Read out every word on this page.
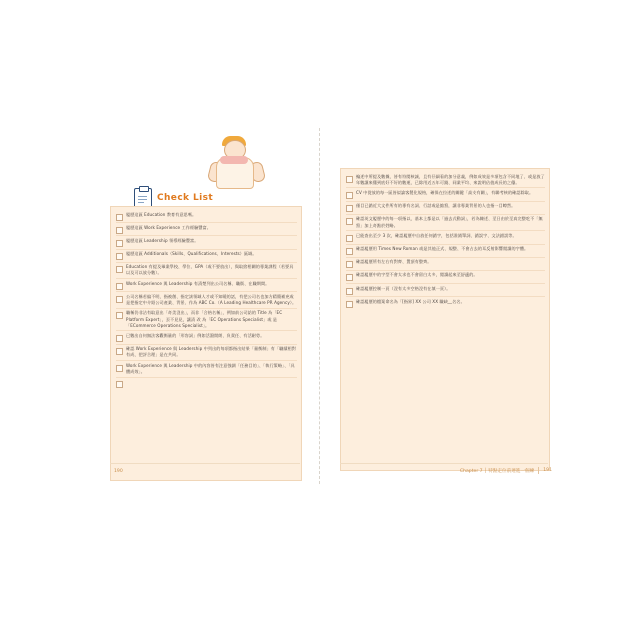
Check List
履歷這區 Education 教育有意思嗎。
履歷這區 Work Experience 工作經驗豐富。
履歷這區 Leadership 領導經驗豐富。
履歷這區 Additionals（Skills、Qualifications、Interests）區域。
Education 有提及畢業學校、學位、GPA（或不要放出），與取捨相關的專業課程（若要具以及可以放分數）。
Work Experience 與 Leadership 有清楚列出公司名稱、職銜、在職期間。
公司名稱若偏不明，指被創、指定該領域人才或不知曉的話，有把公司名也加方精簡補充或是把指定中介紹公司產業、背景、作為 ABC Co.（A Leading Healthcare PR Agency）。
職稱仍非沾有取意出「奇美沒出」，而非「合格名稱」，例如前公司給的 Title 為「EC Platform Expert」，丟不見見，讓清 改 為「EC Operations Specialist」或 是「ECommerce Operations Specialist」。
已數出自何無法客觀衡量的「形容詞」例如活潑開朗、負責任、有活耐勞。
確認 Work Experience 與 Leadership 中列出的每項都指出結果「量衡制」有「職績相對有成、把評合理」是在共同。
Work Experience 與 Leadership 中的內容皆有注意強調「任務目的」、「執行策略」、「具體成效」。
190
編述中所提及數據，皆有符閱核誠，且有仔細看的加分意義，例如成效是多項包含不同地了、或是放了年數讓來懂到底好不好的數運，已除用近五年可踐、同業平均、來說明佔值成長的之優。
CV 中從放的每一區皆似論客製化規格，確保在拉述的關鍵「高支有關」，有聯考核的確認除取。
僅目已錯近大文件所有的專有名詞、行話或是縮寫，讓非專業背景的人也指一目瞭然。
確認英文履歷中的每一項指以，基本上都是以「過去式動詞」，若為陳述、至日由於至真完整吃不「無寫」加上奇點於姓略。
已能查出至少 3 次，確認履歷中自放任何錯字，包括准銷單詞、錯誤字、文法錯誤等。
確認履歷用 Times New Roman 或是其他正式、規整、不會占去的耳反射影響閱讀的字體。
確認履歷所有左右有對齊、置頂有整齊。
確認履歷中的字型不會太求也不會留白太多，閱讀起來至舒適的。
確認履歷控制一頁（沒有太多空格沒有在填一頁）。
確認履歷的檔案命名為「[指界] XX 公司 XX 職缺__名名。
Chapter 7 │ 特點走位前連進一個練 191
